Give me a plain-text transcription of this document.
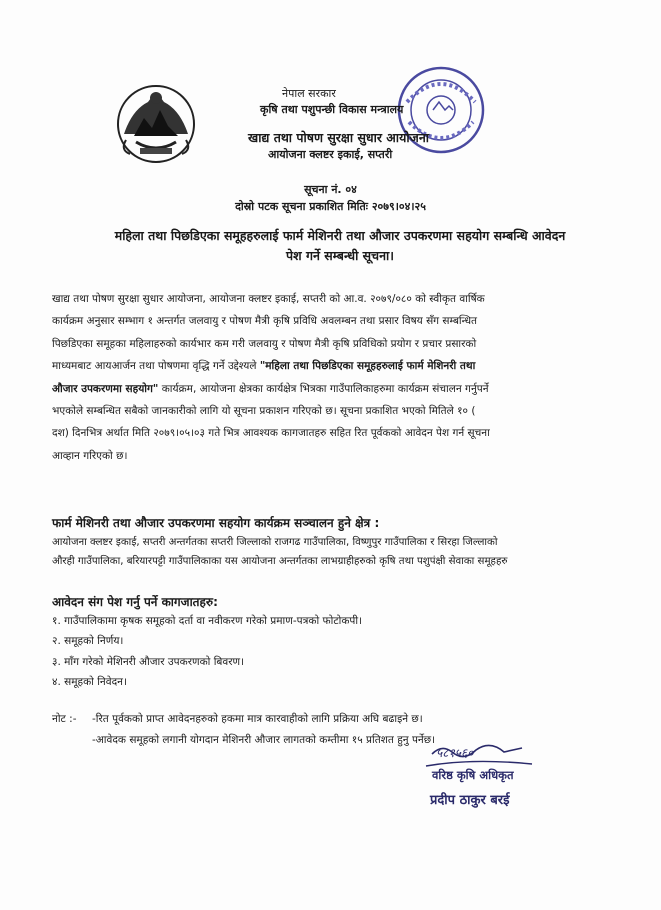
नेपाल सरकार
कृषि तथा पशुपन्छी विकास मन्त्रालय
खाद्य तथा पोषण सुरक्षा सुधार आयोजना
आयोजना क्लष्टर इकाई, सप्तरी
सूचना नं. ०४
दोस्रो पटक सूचना प्रकाशित मितिः २०७९।०४।२५
महिला तथा पिछडिएका समूहहरुलाई फार्म मेशिनरी तथा औजार उपकरणमा सहयोग सम्बन्धि आवेदन
पेश गर्ने सम्बन्धी सूचना।
खाद्य तथा पोषण सुरक्षा सुधार आयोजना, आयोजना क्लष्टर इकाई, सप्तरी को आ.व. २०७९/०८० को स्वीकृत वार्षिक
कार्यक्रम अनुसार सम्भाग १ अन्तर्गत जलवायु र पोषण मैत्री कृषि प्रविधि अवलम्बन तथा प्रसार विषय सँग सम्बन्धित
पिछडिएका समूहका महिलाहरुको कार्यभार कम गरी जलवायु र पोषण मैत्री कृषि प्रविधिको प्रयोग र प्रचार प्रसारको
माध्यमबाट आयआर्जन तथा पोषणमा वृद्धि गर्ने उद्देश्यले "महिला तथा पिछडिएका समूहहरुलाई फार्म मेशिनरी तथा
औजार उपकरणमा सहयोग" कार्यक्रम, आयोजना क्षेत्रका कार्यक्षेत्र भित्रका गाउँपालिकाहरुमा कार्यक्रम संचालन गर्नुपर्ने
भएकोले सम्बन्धित सबैको जानकारीको लागि यो सूचना प्रकाशन गरिएको छ। सूचना प्रकाशित भएको मितिले १० (
दश) दिनभित्र अर्थात मिति २०७९।०५।०३ गते भित्र आवश्यक कागजातहरु सहित रित पूर्वकको आवेदन पेश गर्न सूचना
आव्हान गरिएको छ।
फार्म मेशिनरी तथा औजार उपकरणमा सहयोग कार्यक्रम सञ्चालन हुने क्षेत्र :
आयोजना क्लष्टर इकाई, सप्तरी अन्तर्गतका सप्तरी जिल्लाको राजगढ गाउँपालिका, विष्णुपुर गाउँपालिका र सिरहा जिल्लाको
औरही गाउँपालिका, बरियारपट्टी गाउँपालिकाका यस आयोजना अन्तर्गतका लाभग्राहीहरुको कृषि तथा पशुपंक्षी सेवाका समूहहरु
आवेदन संग पेश गर्नु पर्ने कागजातहरु:
१. गाउँपालिकामा कृषक समूहको दर्ता वा नवीकरण गरेको प्रमाण-पत्रको फोटोकपी।
२. समूहको निर्णय।
३. माँग गरेको मेशिनरी औजार उपकरणको बिवरण।
४. समूहको निवेदन।
नोट :- -रित पूर्वकको प्राप्त आवेदनहरुको हकमा मात्र कारवाहीको लागि प्रक्रिया अघि बढाइने छ।
-आवेदक समूहको लगानी योगदान मेशिनरी औजार लागतको कम्तीमा १५ प्रतिशत हुनु पर्नेछ।
५८१५६०
वरिष्ठ कृषि अधिकृत
प्रदीप ठाकुर बरई
